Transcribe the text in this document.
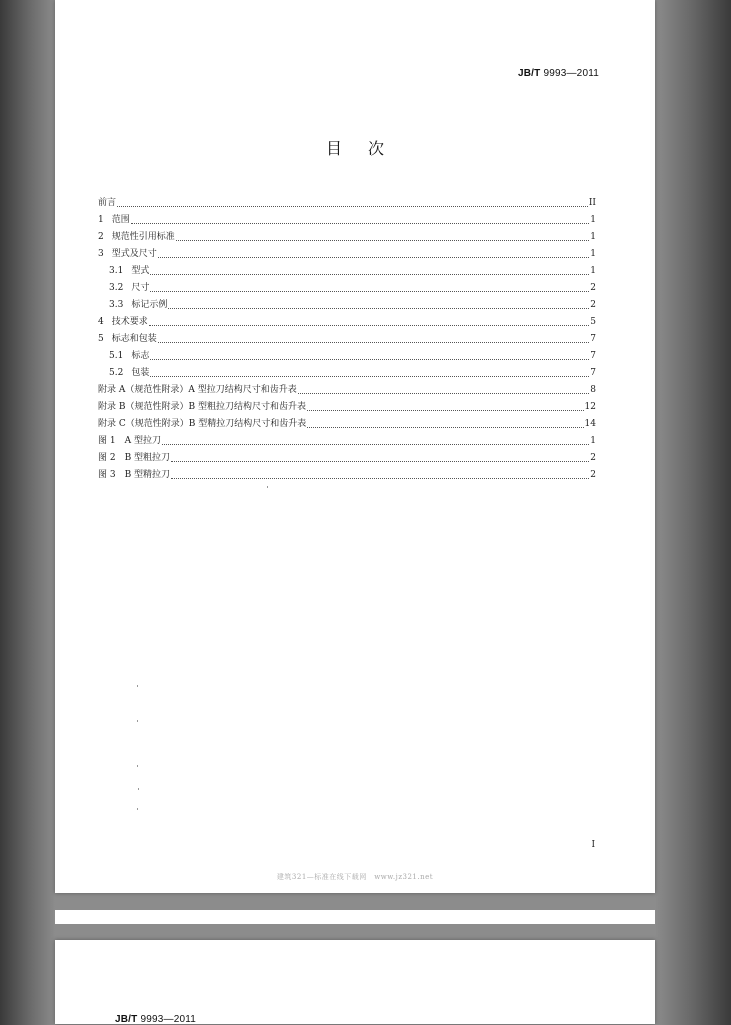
JB/T 9993—2011
目次
前言	II
1 范围	1
2 规范性引用标准	1
3 型式及尺寸	1
3.1 型式	1
3.2 尺寸	2
3.3 标记示例	2
4 技术要求	5
5 标志和包装	7
5.1 标志	7
5.2 包装	7
附录 A（规范性附录）A 型拉刀结构尺寸和齿升表	8
附录 B（规范性附录）B 型粗拉刀结构尺寸和齿升表	12
附录 C（规范性附录）B 型精拉刀结构尺寸和齿升表	14
图 1　A 型拉刀	1
图 2　B 型粗拉刀	2
图 3　B 型精拉刀	2
I
建筑321—标准在线下载网　www.jz321.net
JB/T 9993—2011
